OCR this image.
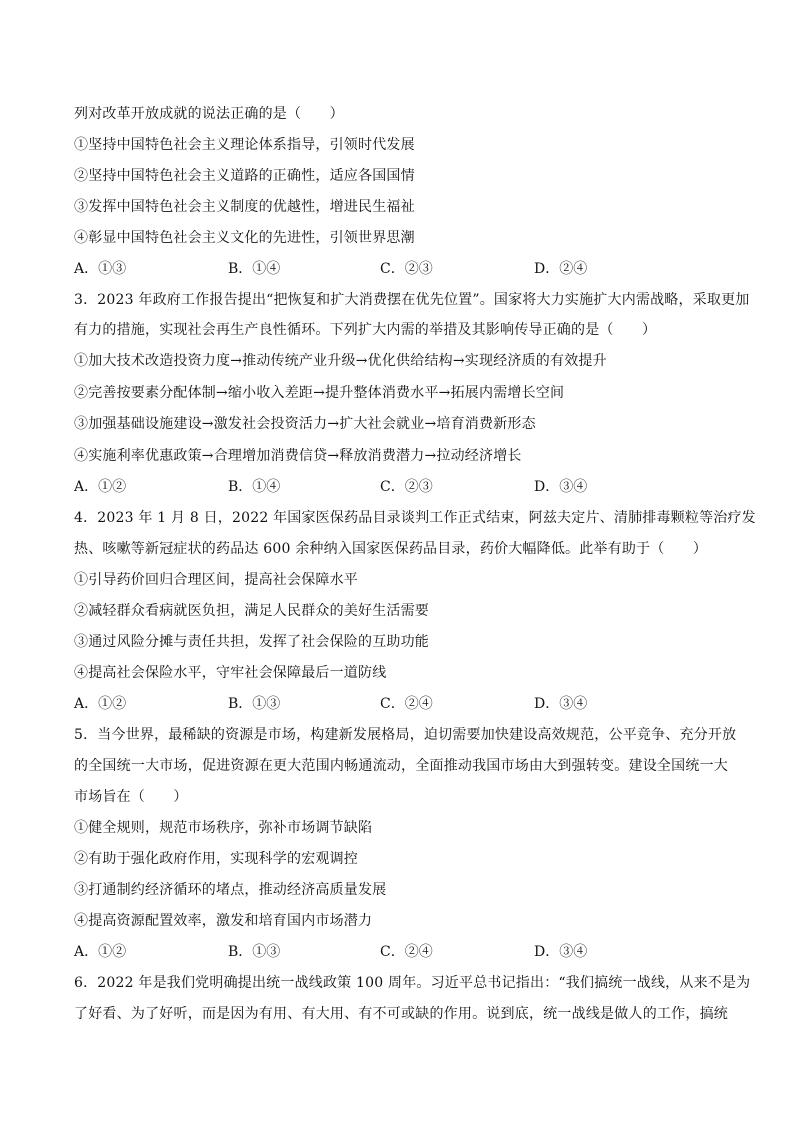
列对改革开放成就的说法正确的是（　　）
①坚持中国特色社会主义理论体系指导，引领时代发展
②坚持中国特色社会主义道路的正确性，适应各国国情
③发挥中国特色社会主义制度的优越性，增进民生福祉
④彰显中国特色社会主义文化的先进性，引领世界思潮
A．①③	B．①④	C．②③	D．②④
3．2023 年政府工作报告提出“把恢复和扩大消费摆在优先位置”。国家将大力实施扩大内需战略，采取更加
有力的措施，实现社会再生产良性循环。下列扩大内需的举措及其影响传导正确的是（　　）
①加大技术改造投资力度→推动传统产业升级→优化供给结构→实现经济质的有效提升
②完善按要素分配体制→缩小收入差距→提升整体消费水平→拓展内需增长空间
③加强基础设施建设→激发社会投资活力→扩大社会就业→培育消费新形态
④实施利率优惠政策→合理增加消费信贷→释放消费潜力→拉动经济增长
A．①②	B．①④	C．②③	D．③④
4．2023 年 1 月 8 日，2022 年国家医保药品目录谈判工作正式结束，阿兹夫定片、清肺排毒颗粒等治疗发
热、咳嗽等新冠症状的药品达 600 余种纳入国家医保药品目录，药价大幅降低。此举有助于（　　）
①引导药价回归合理区间，提高社会保障水平
②减轻群众看病就医负担，满足人民群众的美好生活需要
③通过风险分摊与责任共担，发挥了社会保险的互助功能
④提高社会保险水平，守牢社会保障最后一道防线
A．①②	B．①③	C．②④	D．③④
5．当今世界，最稀缺的资源是市场，构建新发展格局，迫切需要加快建设高效规范，公平竞争、充分开放
的全国统一大市场，促进资源在更大范围内畅通流动，全面推动我国市场由大到强转变。建设全国统一大
市场旨在（　　）
①健全规则，规范市场秩序，弥补市场调节缺陷
②有助于强化政府作用，实现科学的宏观调控
③打通制约经济循环的堵点，推动经济高质量发展
④提高资源配置效率，激发和培育国内市场潜力
A．①②	B．①③	C．②④	D．③④
6．2022 年是我们党明确提出统一战线政策 100 周年。习近平总书记指出：“我们搞统一战线，从来不是为
了好看、为了好听，而是因为有用、有大用、有不可或缺的作用。说到底，统一战线是做人的工作，搞统
